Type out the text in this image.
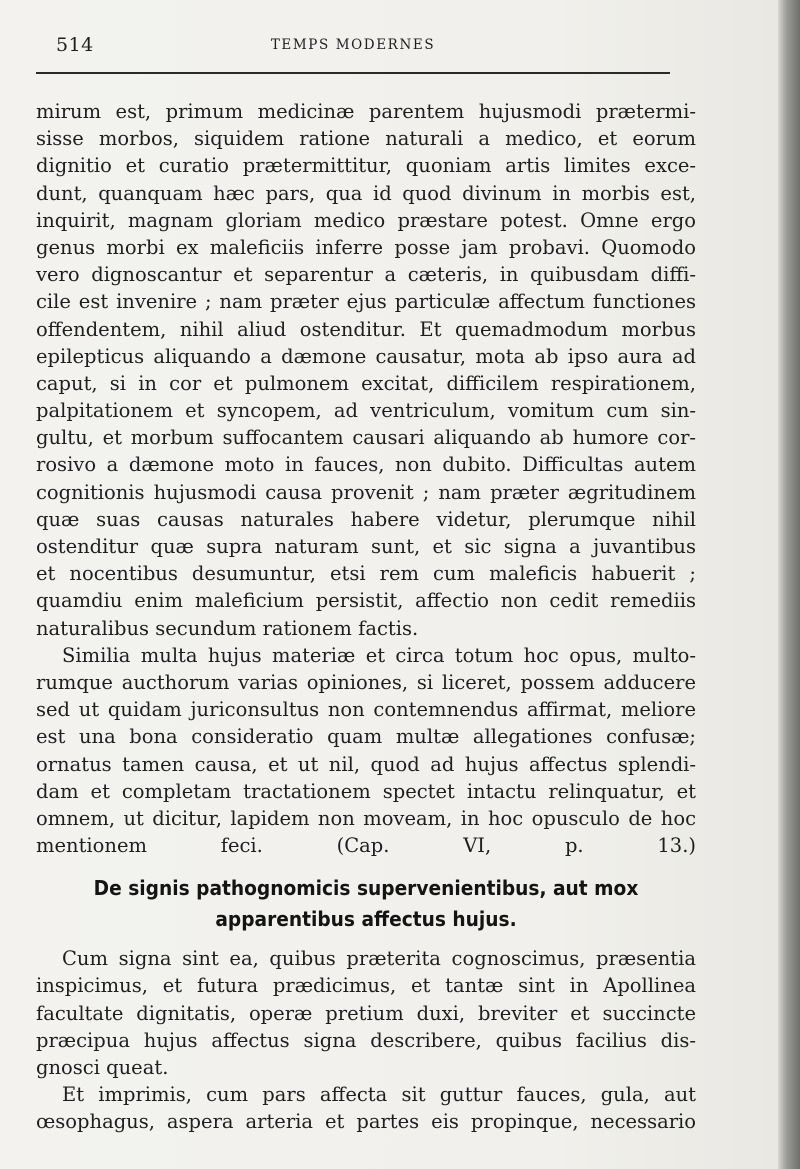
514	TEMPS MODERNES
mirum est, primum medicinæ parentem hujusmodi prætermi-
sisse morbos, siquidem ratione naturali a medico, et eorum
dignitio et curatio prætermittitur, quoniam artis limites exce-
dunt, quanquam hæc pars, qua id quod divinum in morbis est,
inquirit, magnam gloriam medico præstare potest. Omne ergo
genus morbi ex maleficiis inferre posse jam probavi. Quomodo
vero dignoscantur et separentur a cæteris, in quibusdam diffi-
cile est invenire ; nam præter ejus particulæ affectum functiones
offendentem, nihil aliud ostenditur. Et quemadmodum morbus
epilepticus aliquando a dæmone causatur, mota ab ipso aura ad
caput, si in cor et pulmonem excitat, difficilem respirationem,
palpitationem et syncopem, ad ventriculum, vomitum cum sin-
gultu, et morbum suffocantem causari aliquando ab humore cor-
rosivo a dæmone moto in fauces, non dubito. Difficultas autem
cognitionis hujusmodi causa provenit ; nam præter ægritudinem
quæ suas causas naturales habere videtur, plerumque nihil
ostenditur quæ supra naturam sunt, et sic signa a juvantibus
et nocentibus desumuntur, etsi rem cum maleficis habuerit ;
quamdiu enim maleficium persistit, affectio non cedit remediis
naturalibus secundum rationem factis.
Similia multa hujus materiæ et circa totum hoc opus, multo-
rumque aucthorum varias opiniones, si liceret, possem adducere
sed ut quidam juriconsultus non contemnendus affirmat, meliore
est una bona consideratio quam multæ allegationes confusæ;
ornatus tamen causa, et ut nil, quod ad hujus affectus splendi-
dam et completam tractationem spectet intactu relinquatur, et
omnem, ut dicitur, lapidem non moveam, in hoc opusculo de hoc
mentionem feci.	(Cap. VI, p. 13.)
De signis pathognomicis supervenientibus, aut mox
apparentibus affectus hujus.
Cum signa sint ea, quibus præterita cognoscimus, præsentia
inspicimus, et futura prædicimus, et tantæ sint in Apollinea
facultate dignitatis, operæ pretium duxi, breviter et succincte
præcipua hujus affectus signa describere, quibus facilius dis-
gnosci queat.
Et imprimis, cum pars affecta sit guttur fauces, gula, aut
œsophagus, aspera arteria et partes eis propinque, necessario
